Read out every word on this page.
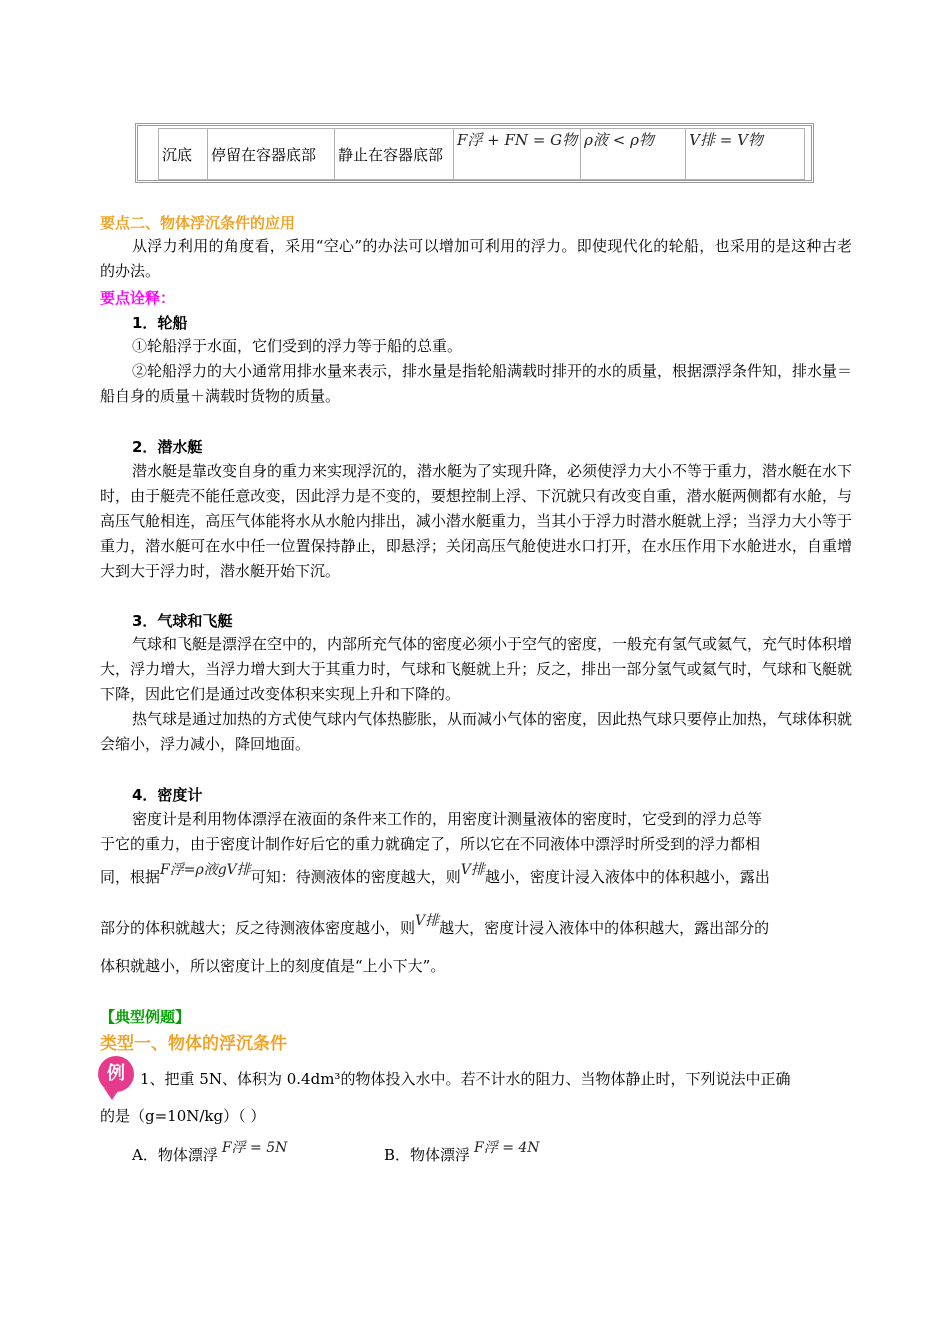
沉底	停留在容器底部	静止在容器底部	F浮 + FN = G物	ρ液 < ρ物	V排 = V物
要点二、物体浮沉条件的应用

从浮力利用的角度看，采用“空心”的办法可以增加可利用的浮力。即使现代化的轮船，也采用的是这种古老的办法。

要点诠释：
1．轮船

①轮船浮于水面，它们受到的浮力等于船的总重。

②轮船浮力的大小通常用排水量来表示，排水量是指轮船满载时排开的水的质量，根据漂浮条件知，排水量＝船自身的质量＋满载时货物的质量。

2．潜水艇

潜水艇是靠改变自身的重力来实现浮沉的，潜水艇为了实现升降，必须使浮力大小不等于重力，潜水艇在水下时，由于艇壳不能任意改变，因此浮力是不变的，要想控制上浮、下沉就只有改变自重，潜水艇两侧都有水舱，与高压气舱相连，高压气体能将水从水舱内排出，减小潜水艇重力，当其小于浮力时潜水艇就上浮；当浮力大小等于重力，潜水艇可在水中任一位置保持静止，即悬浮；关闭高压气舱使进水口打开，在水压作用下水舱进水，自重增大到大于浮力时，潜水艇开始下沉。

3．气球和飞艇

气球和飞艇是漂浮在空中的，内部所充气体的密度必须小于空气的密度，一般充有氢气或氦气，充气时体积增大，浮力增大，当浮力增大到大于其重力时，气球和飞艇就上升；反之，排出一部分氢气或氦气时，气球和飞艇就下降，因此它们是通过改变体积来实现上升和下降的。

热气球是通过加热的方式使气球内气体热膨胀，从而减小气体的密度，因此热气球只要停止加热，气球体积就会缩小，浮力减小，降回地面。

4．密度计
密度计是利用物体漂浮在液面的条件来工作的，用密度计测量液体的密度时，它受到的浮力总等
于它的重力，由于密度计制作好后它的重力就确定了，所以它在不同液体中漂浮时所受到的浮力都相
同，根据F浮=ρ液gV排可知：待测液体的密度越大，则V排越小，密度计浸入液体中的体积越小，露出
部分的体积就越大；反之待测液体密度越小，则V排越大，密度计浸入液体中的体积越大，露出部分的
体积就越小，所以密度计上的刻度值是“上小下大”。
【典型例题】
类型一、物体的浮沉条件
例	1、把重 5N、体积为 0.4dm³的物体投入水中。若不计水的阻力、当物体静止时，下列说法中正确
的是（g=10N/kg）（ ）
A．物体漂浮 F浮 = 5N	B．物体漂浮 F浮 = 4N
